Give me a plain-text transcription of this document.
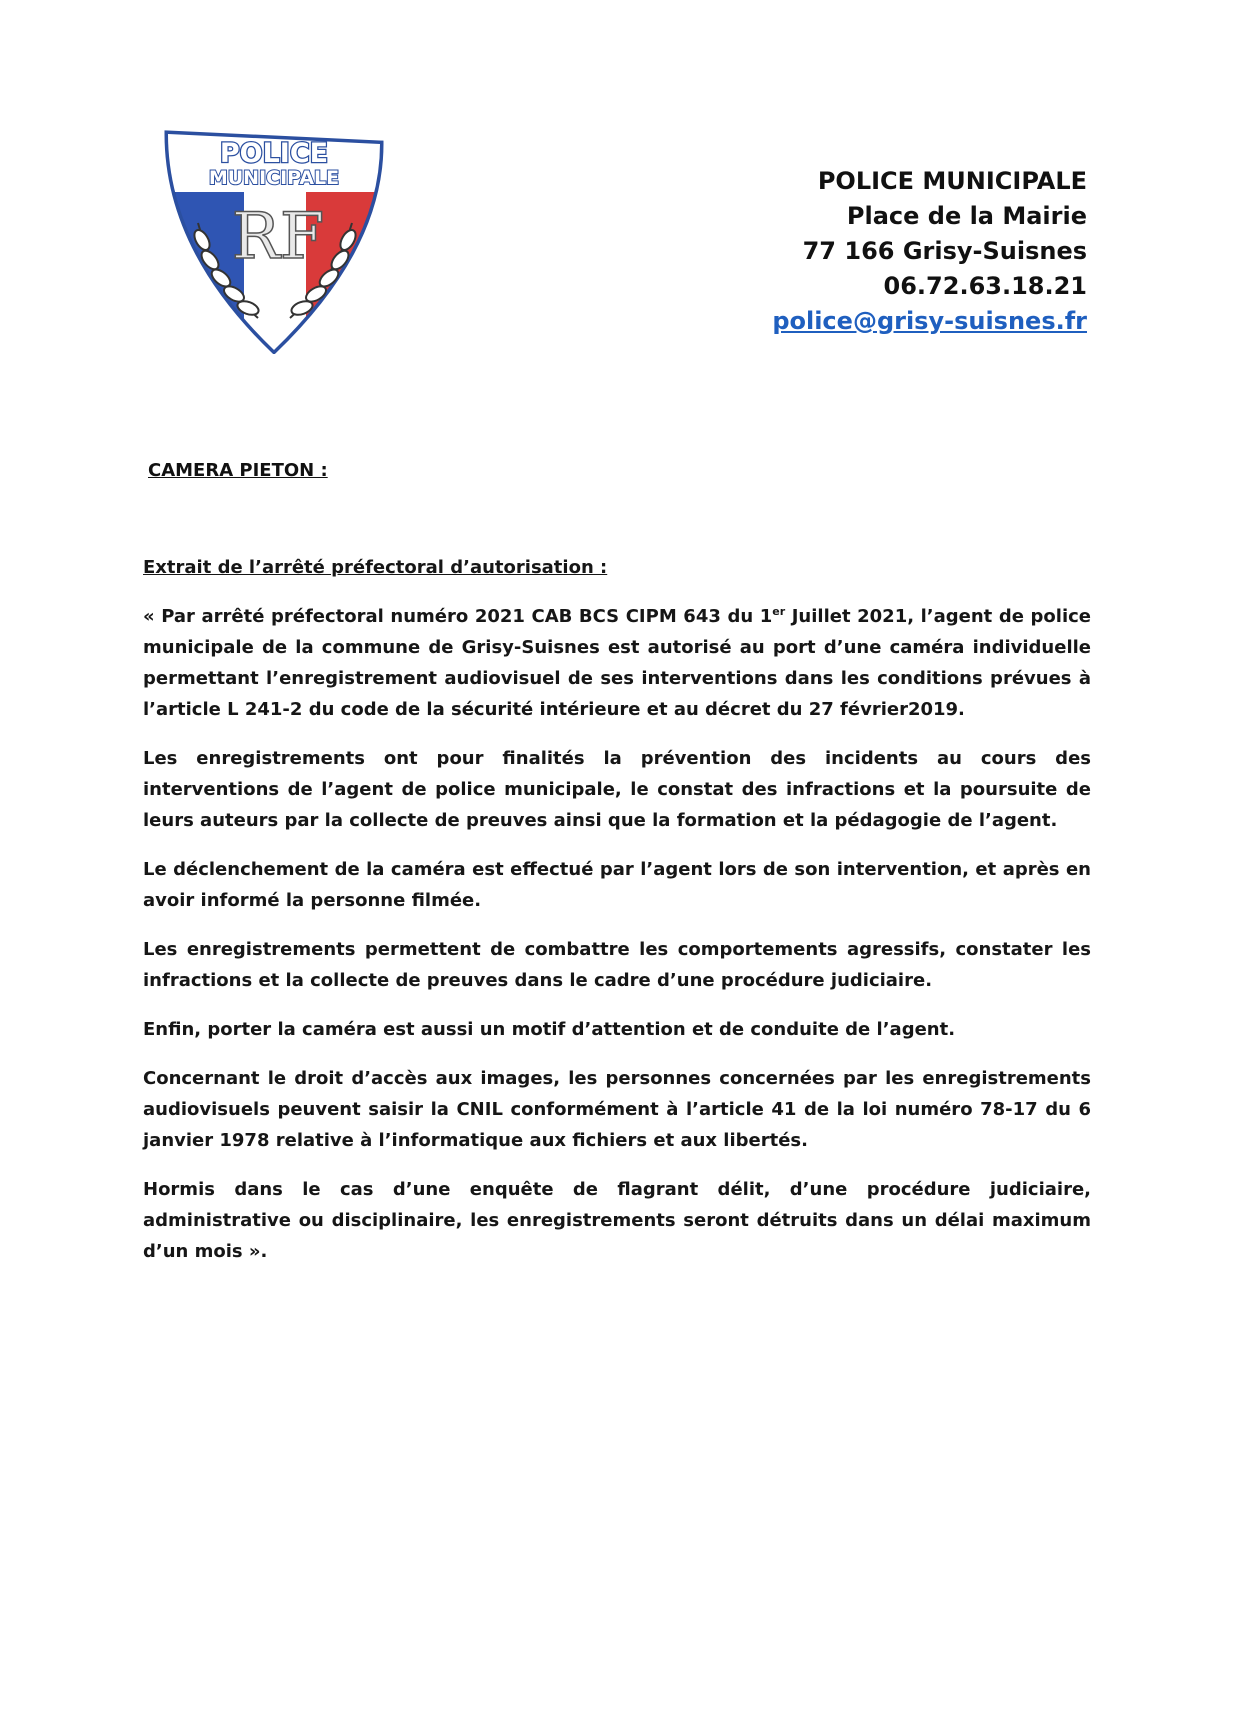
POLICE
MUNICIPALE
RF
POLICE MUNICIPALE
Place de la Mairie
77 166 Grisy-Suisnes
06.72.63.18.21
police@grisy-suisnes.fr
CAMERA PIETON :

Extrait de l’arrêté préfectoral d’autorisation :

« Par arrêté préfectoral numéro 2021 CAB BCS CIPM 643 du 1er Juillet 2021, l’agent de police municipale de la commune de Grisy-Suisnes est autorisé au port d’une caméra individuelle permettant l’enregistrement audiovisuel de ses interventions dans les conditions prévues à l’article L 241-2 du code de la sécurité intérieure et au décret du 27 février2019.

Les enregistrements ont pour finalités la prévention des incidents au cours des interventions de l’agent de police municipale, le constat des infractions et la poursuite de leurs auteurs par la collecte de preuves ainsi que la formation et la pédagogie de l’agent.

Le déclenchement de la caméra est effectué par l’agent lors de son intervention, et après en avoir informé la personne filmée.

Les enregistrements permettent de combattre les comportements agressifs, constater les infractions et la collecte de preuves dans le cadre d’une procédure judiciaire.

Enfin, porter la caméra est aussi un motif d’attention et de conduite de l’agent.

Concernant le droit d’accès aux images, les personnes concernées par les enregistrements audiovisuels peuvent saisir la CNIL conformément à l’article 41 de la loi numéro 78-17 du 6 janvier 1978 relative à l’informatique aux fichiers et aux libertés.

Hormis dans le cas d’une enquête de flagrant délit, d’une procédure judiciaire, administrative ou disciplinaire, les enregistrements seront détruits dans un délai maximum d’un mois ».
